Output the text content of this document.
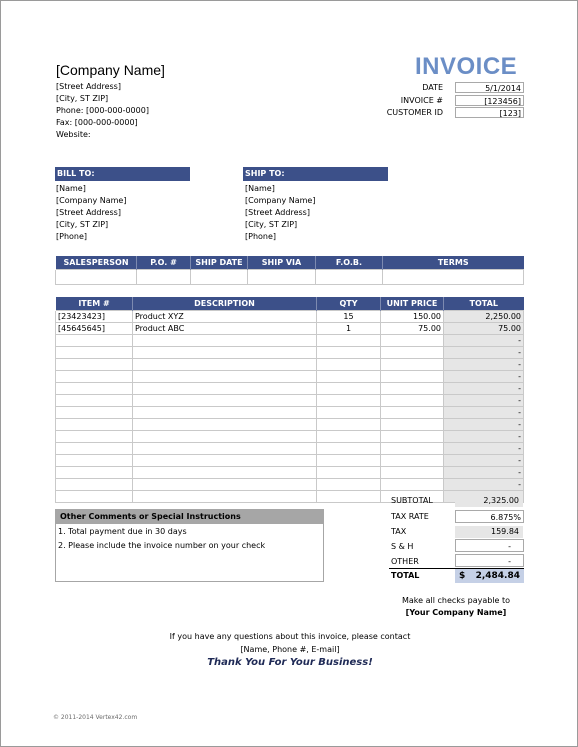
[Company Name]
[Street Address]
[City, ST ZIP]
Phone: [000-000-0000]
Fax: [000-000-0000]
Website:
INVOICE
DATE	5/1/2014
INVOICE #	[123456]
CUSTOMER ID	[123]
BILL TO:
[Name]
[Company Name]
[Street Address]
[City, ST ZIP]
[Phone]
SHIP TO:
[Name]
[Company Name]
[Street Address]
[City, ST ZIP]
[Phone]
SALESPERSON	P.O. #	SHIP DATE	SHIP VIA	F.O.B.	TERMS

ITEM #	DESCRIPTION	QTY	UNIT PRICE	TOTAL
[23423423]	Product XYZ	15	150.00	2,250.00
[45645645]	Product ABC	1	75.00	75.00
				-
				-
				-
				-
				-
				-
				-
				-
				-
				-
				-
				-
				-

SUBTOTAL	2,325.00
TAX RATE	6.875%
TAX	159.84
S & H	-
OTHER	-
TOTAL	$ 2,484.84
Other Comments or Special Instructions
1. Total payment due in 30 days
2. Please include the invoice number on your check
Make all checks payable to
[Your Company Name]
If you have any questions about this invoice, please contact
[Name, Phone #, E-mail]
Thank You For Your Business!
© 2011-2014 Vertex42.com
